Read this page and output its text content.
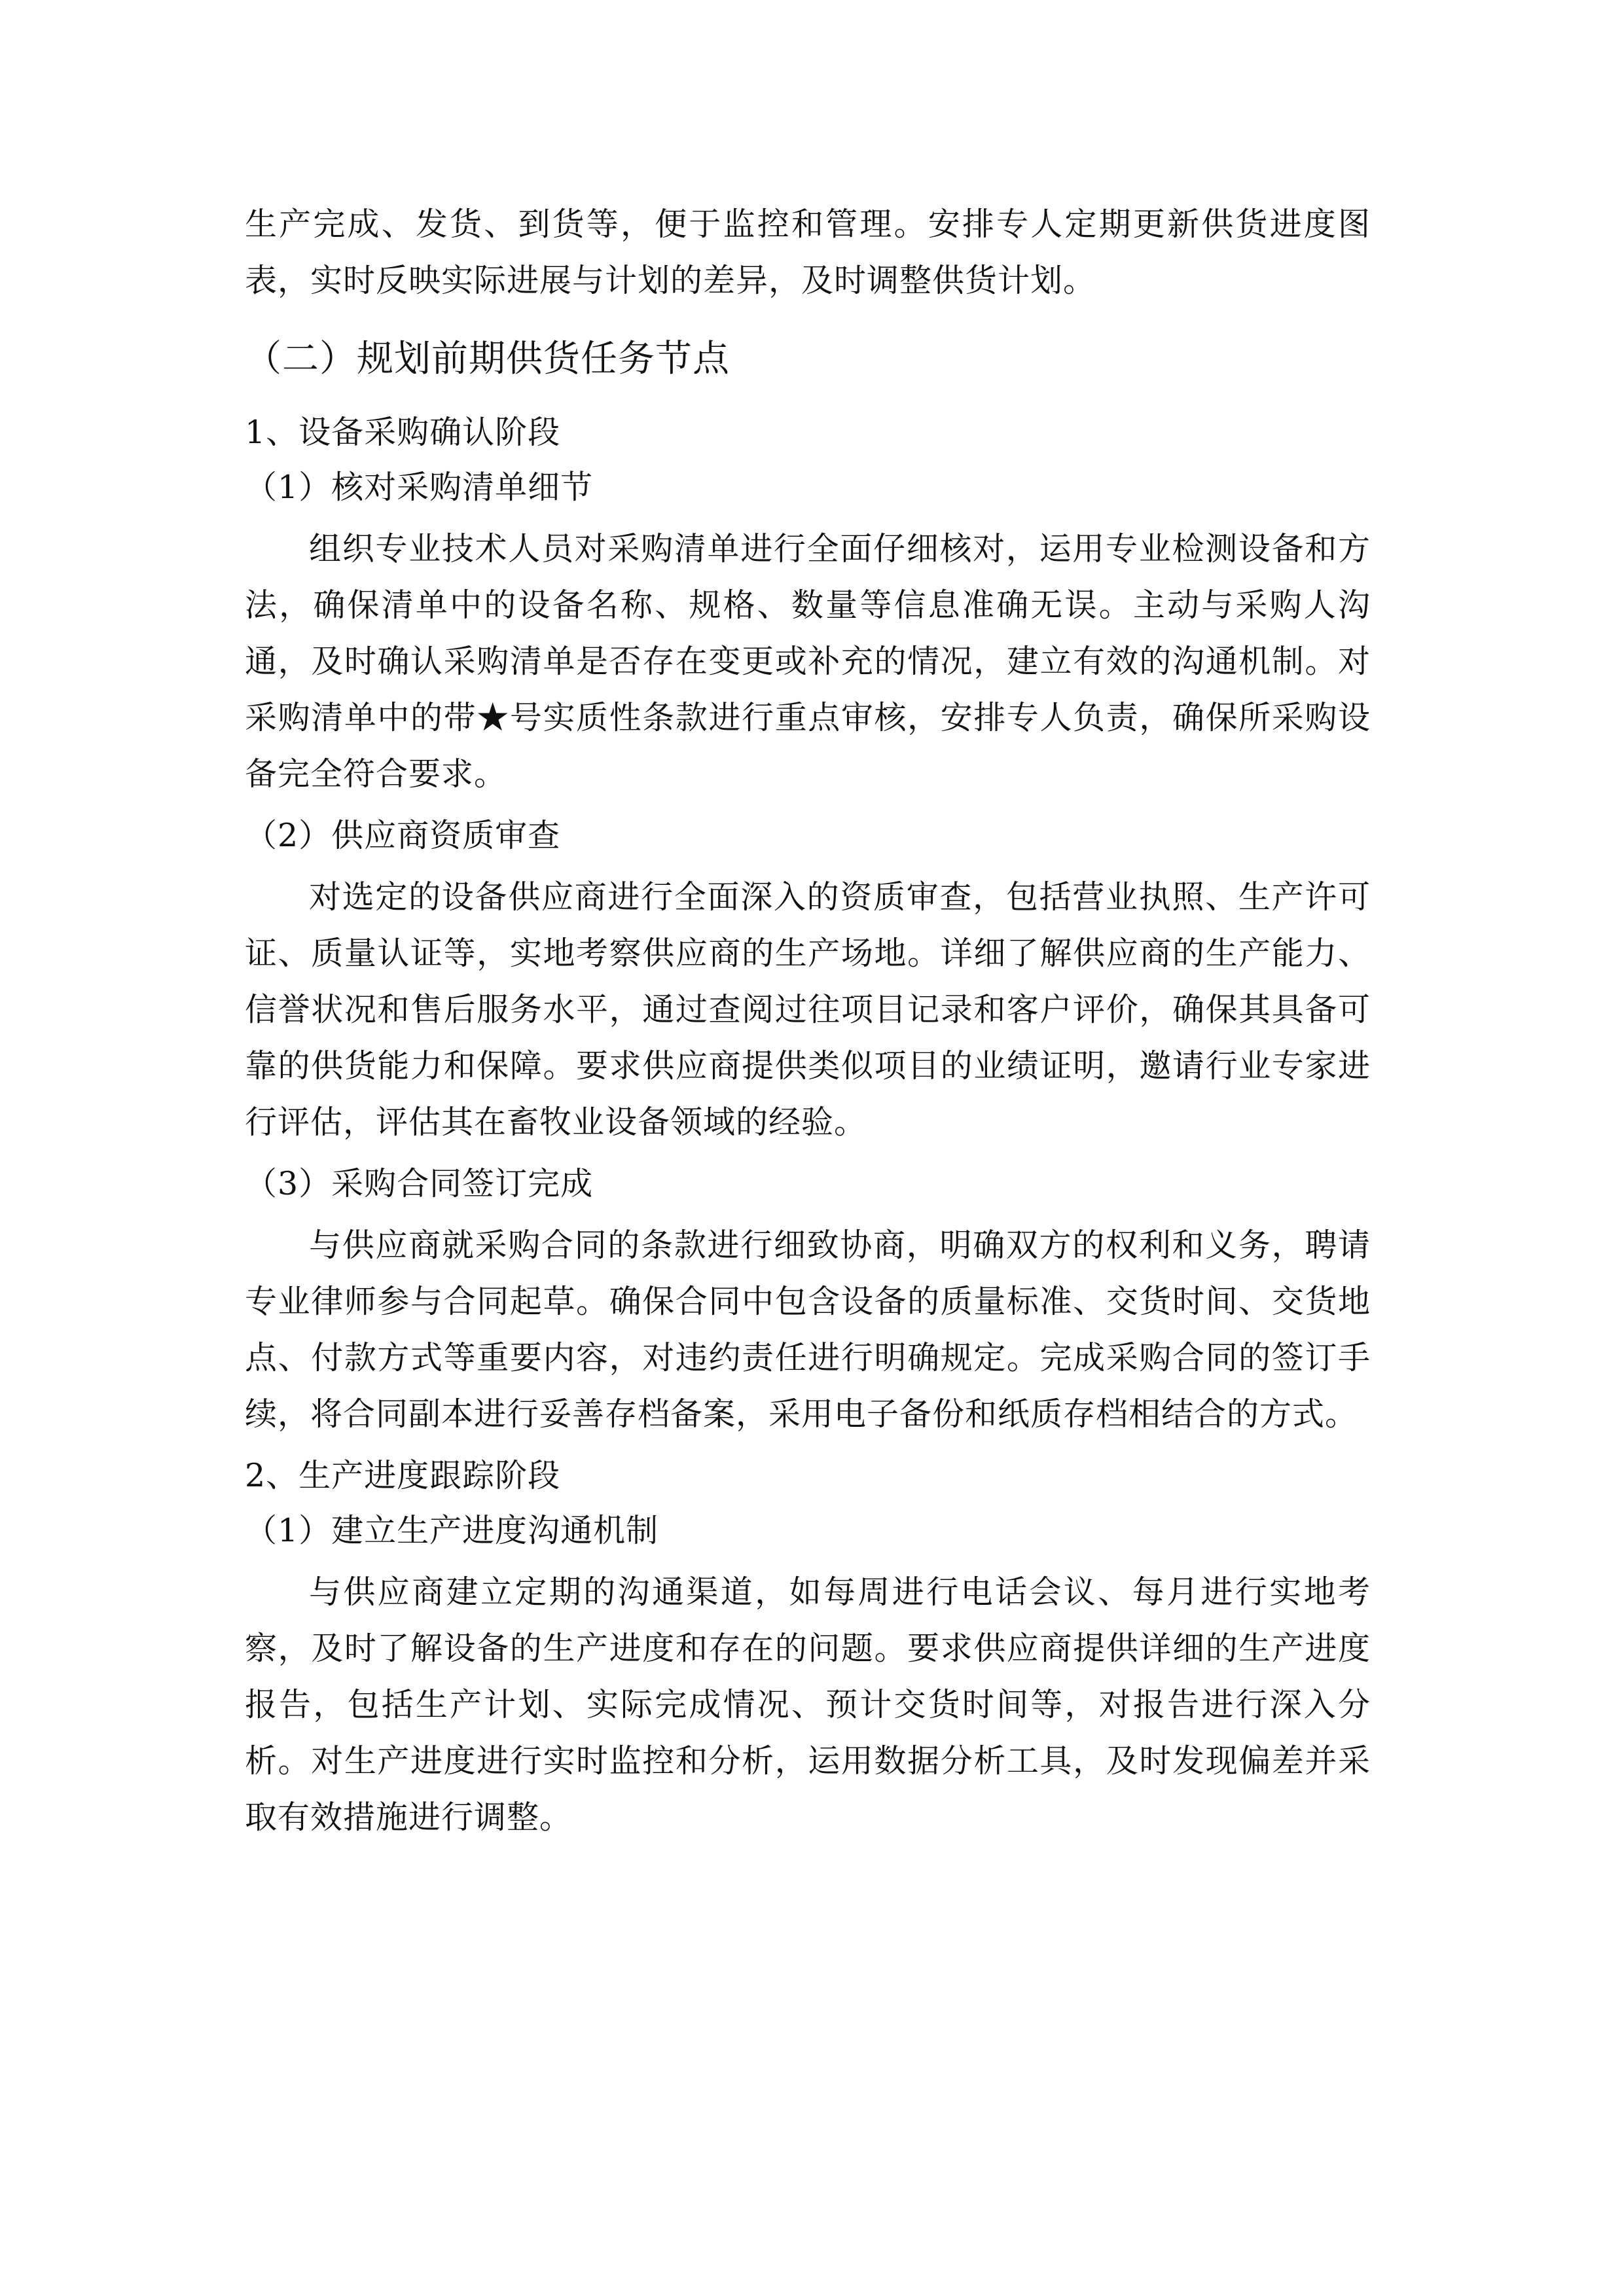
生产完成、发货、到货等，便于监控和管理。安排专人定期更新供货进度图表，实时反映实际进展与计划的差异，及时调整供货计划。

（二）规划前期供货任务节点
1、设备采购确认阶段
（1）核对采购清单细节

组织专业技术人员对采购清单进行全面仔细核对，运用专业检测设备和方法，确保清单中的设备名称、规格、数量等信息准确无误。主动与采购人沟通，及时确认采购清单是否存在变更或补充的情况，建立有效的沟通机制。对采购清单中的带★号实质性条款进行重点审核，安排专人负责，确保所采购设备完全符合要求。

（2）供应商资质审查

对选定的设备供应商进行全面深入的资质审查，包括营业执照、生产许可证、质量认证等，实地考察供应商的生产场地。详细了解供应商的生产能力、信誉状况和售后服务水平，通过查阅过往项目记录和客户评价，确保其具备可靠的供货能力和保障。要求供应商提供类似项目的业绩证明，邀请行业专家进行评估，评估其在畜牧业设备领域的经验。

（3）采购合同签订完成

与供应商就采购合同的条款进行细致协商，明确双方的权利和义务，聘请专业律师参与合同起草。确保合同中包含设备的质量标准、交货时间、交货地点、付款方式等重要内容，对违约责任进行明确规定。完成采购合同的签订手续，将合同副本进行妥善存档备案，采用电子备份和纸质存档相结合的方式。

2、生产进度跟踪阶段
（1）建立生产进度沟通机制

与供应商建立定期的沟通渠道，如每周进行电话会议、每月进行实地考察，及时了解设备的生产进度和存在的问题。要求供应商提供详细的生产进度报告，包括生产计划、实际完成情况、预计交货时间等，对报告进行深入分析。对生产进度进行实时监控和分析，运用数据分析工具，及时发现偏差并采取有效措施进行调整。
